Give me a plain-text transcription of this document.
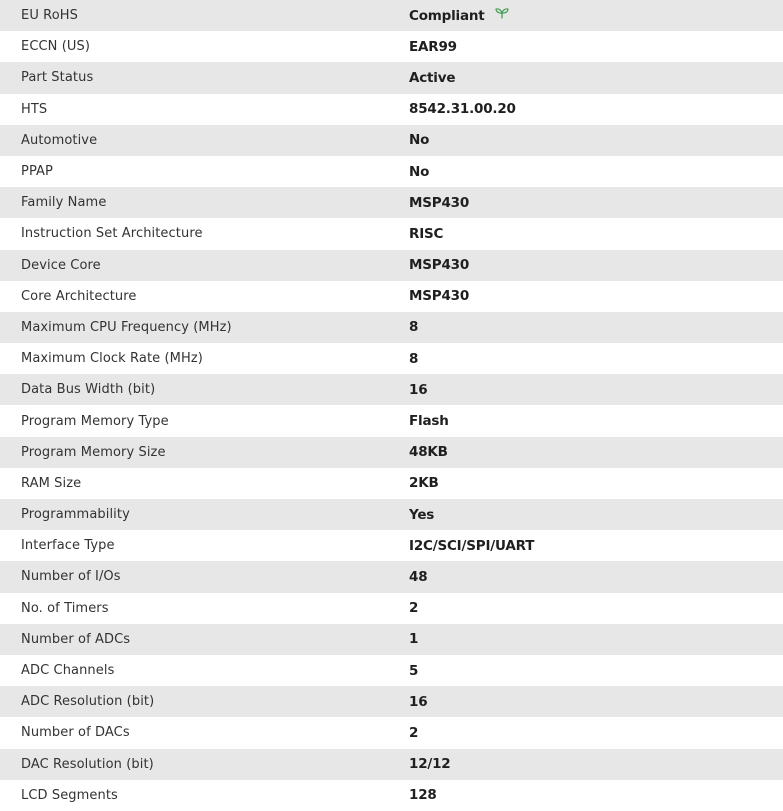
EU RoHS	Compliant
ECCN (US)	EAR99
Part Status	Active
HTS	8542.31.00.20
Automotive	No
PPAP	No
Family Name	MSP430
Instruction Set Architecture	RISC
Device Core	MSP430
Core Architecture	MSP430
Maximum CPU Frequency (MHz)	8
Maximum Clock Rate (MHz)	8
Data Bus Width (bit)	16
Program Memory Type	Flash
Program Memory Size	48KB
RAM Size	2KB
Programmability	Yes
Interface Type	I2C/SCI/SPI/UART
Number of I/Os	48
No. of Timers	2
Number of ADCs	1
ADC Channels	5
ADC Resolution (bit)	16
Number of DACs	2
DAC Resolution (bit)	12/12
LCD Segments	128
